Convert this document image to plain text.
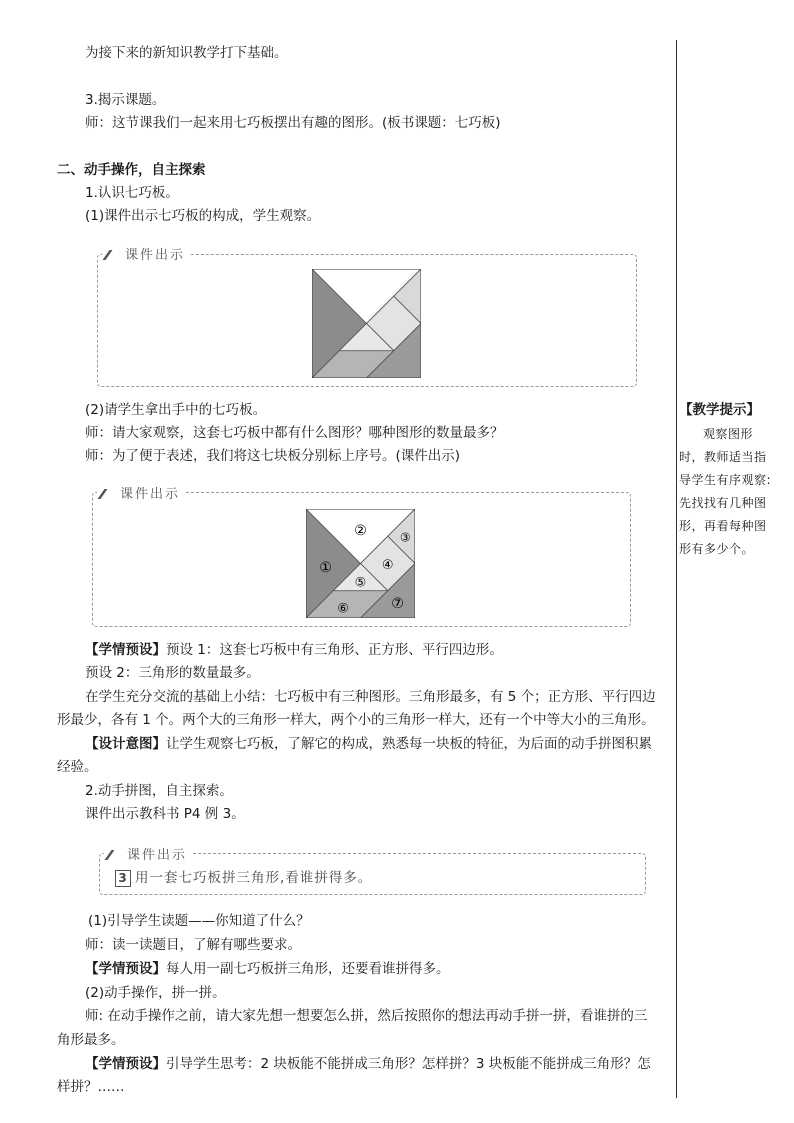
为接下来的新知识教学打下基础。
3.揭示课题。
师：这节课我们一起来用七巧板摆出有趣的图形。(板书课题：七巧板)
二、动手操作，自主探索
1.认识七巧板。
(1)课件出示七巧板的构成，学生观察。
课件出示
(2)请学生拿出手中的七巧板。
师：请大家观察，这套七巧板中都有什么图形？哪种图形的数量最多？
师：为了便于表述，我们将这七块板分别标上序号。(课件出示)
课件出示
①
②	③
④
⑤
⑥	⑦
【学情预设】预设 1：这套七巧板中有三角形、正方形、平行四边形。
预设 2：三角形的数量最多。
在学生充分交流的基础上小结：七巧板中有三种图形。三角形最多，有 5 个；正方形、平行四边
形最少，各有 1 个。两个大的三角形一样大，两个小的三角形一样大，还有一个中等大小的三角形。
【设计意图】让学生观察七巧板，了解它的构成，熟悉每一块板的特征，为后面的动手拼图积累
经验。
2.动手拼图，自主探索。
课件出示教科书 P4 例 3。
课件出示
3 用一套七巧板拼三角形,看谁拼得多。
(1)引导学生读题——你知道了什么？
师：读一读题目，了解有哪些要求。
【学情预设】每人用一副七巧板拼三角形，还要看谁拼得多。
(2)动手操作，拼一拼。
师: 在动手操作之前，请大家先想一想要怎么拼，然后按照你的想法再动手拼一拼，看谁拼的三
角形最多。
【学情预设】引导学生思考：2 块板能不能拼成三角形？怎样拼？3 块板能不能拼成三角形？怎
样拼？……
【教学提示】
观察图形时，教师适当指导学生有序观察: 先找找有几种图形，再看每种图形有多少个。
